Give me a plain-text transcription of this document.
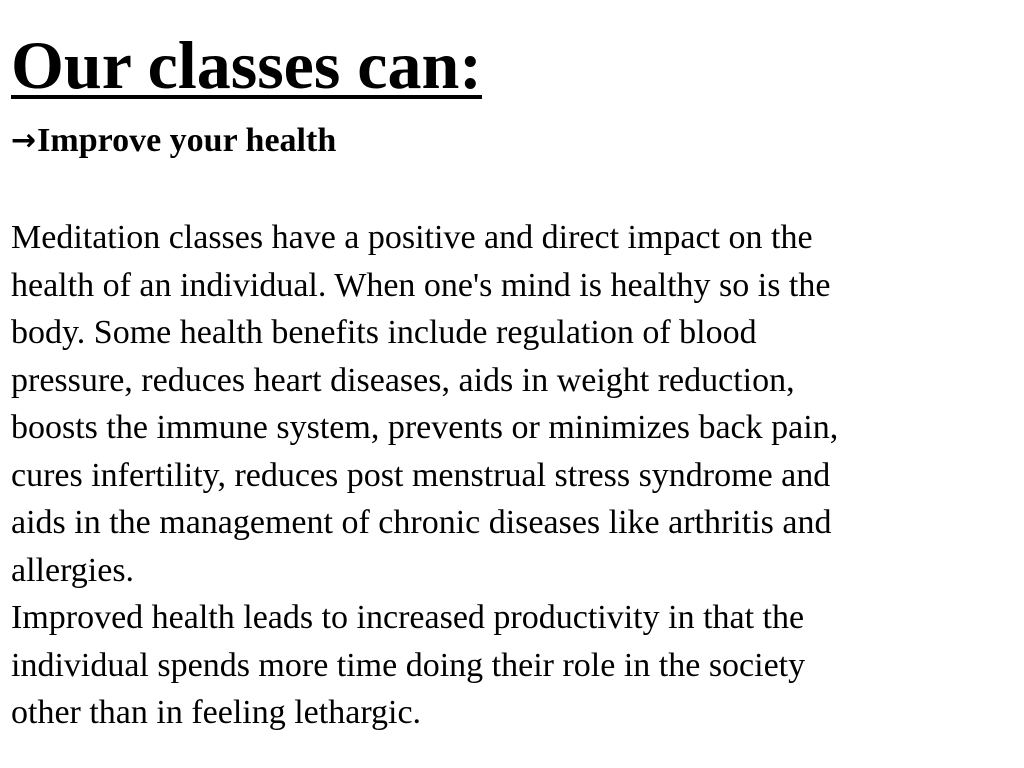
Our classes can:
→Improve your health

Meditation classes have a positive and direct impact on the
health of an individual. When one's mind is healthy so is the
body. Some health benefits include regulation of blood
pressure, reduces heart diseases, aids in weight reduction,
boosts the immune system, prevents or minimizes back pain,
cures infertility, reduces post menstrual stress syndrome and
aids in the management of chronic diseases like arthritis and
allergies.

Improved health leads to increased productivity in that the
individual spends more time doing their role in the society
other than in feeling lethargic.
